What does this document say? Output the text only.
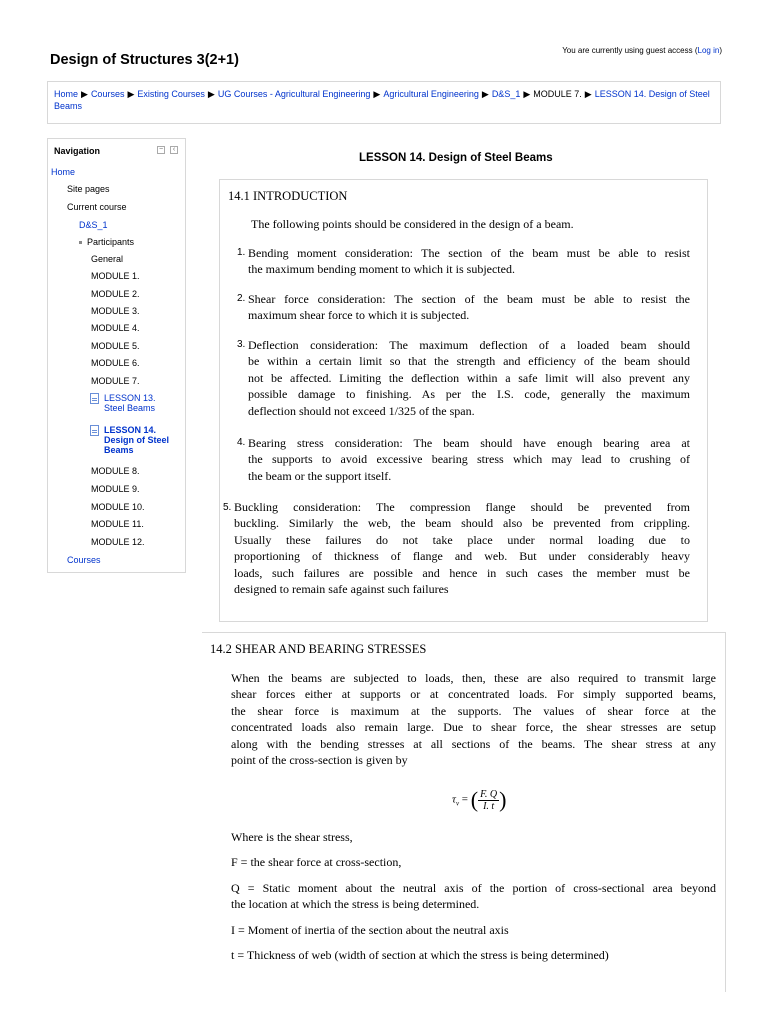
Design of Structures 3(2+1)
You are currently using guest access (Log in)
Home ▶ Courses ▶ Existing Courses ▶ UG Courses - Agricultural Engineering ▶ Agricultural Engineering ▶ D&S_1 ▶ MODULE 7. ▶ LESSON 14. Design of Steel Beams
Navigation	−	‹
Home
Site pages
Current course
D&S_1
Participants
General
MODULE 1.
MODULE 2.
MODULE 3.
MODULE 4.
MODULE 5.
MODULE 6.
MODULE 7.
LESSON 13.
Steel Beams
LESSON 14.
Design of Steel
Beams
MODULE 8.
MODULE 9.
MODULE 10.
MODULE 11.
MODULE 12.
Courses
LESSON 14. Design of Steel Beams
14.1 INTRODUCTION
The following points should be considered in the design of a beam.
1. Bending moment consideration: The section of the beam must be able to resist
the maximum bending moment to which it is subjected.
2. Shear force consideration: The section of the beam must be able to resist the
maximum shear force to which it is subjected.
3. Deflection consideration: The maximum deflection of a loaded beam should
be within a certain limit so that the strength and efficiency of the beam should
not be affected. Limiting the deflection within a safe limit will also prevent any
possible damage to finishing. As per the I.S. code, generally the maximum
deflection should not exceed 1/325 of the span.
4. Bearing stress consideration: The beam should have enough bearing area at
the supports to avoid excessive bearing stress which may lead to crushing of
the beam or the support itself.
5. Buckling consideration: The compression flange should be prevented from
buckling. Similarly the web, the beam should also be prevented from crippling.
Usually these failures do not take place under normal loading due to
proportioning of thickness of flange and web. But under considerably heavy
loads, such failures are possible and hence in such cases the member must be
designed to remain safe against such failures
14.2 SHEAR AND BEARING STRESSES
When the beams are subjected to loads, then, these are also required to transmit large
shear forces either at supports or at concentrated loads. For simply supported beams,
the shear force is maximum at the supports. The values of shear force at the
concentrated loads also remain large. Due to shear force, the shear stresses are setup
along with the bending stresses at all sections of the beams. The shear stress at any
point of the cross-section is given by
Where is the shear stress,
F = the shear force at cross-section,
Q = Static moment about the neutral axis of the portion of cross-sectional area beyond
the location at which the stress is being determined.
I = Moment of inertia of the section about the neutral axis
t = Thickness of web (width of section at which the stress is being determined)
$\tau_v$ = ( $\frac{F. Q}{I. t}$ )
